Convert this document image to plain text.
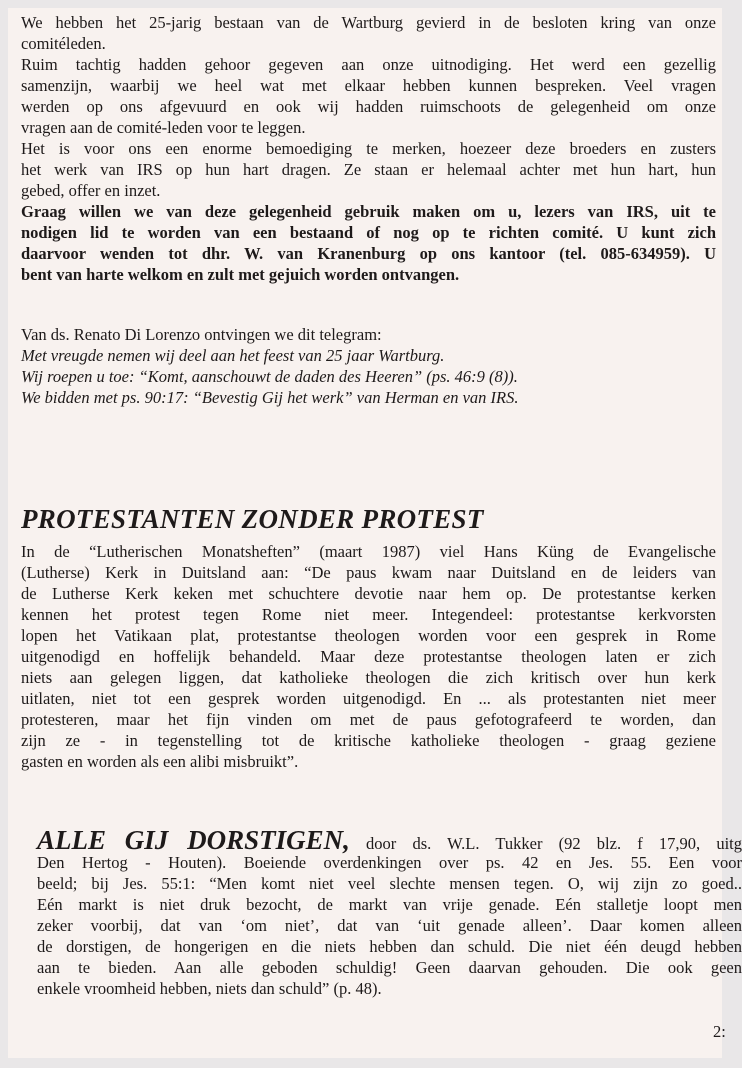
We hebben het 25-jarig bestaan van de Wartburg gevierd in de besloten kring van onze
comitéleden.
Ruim tachtig hadden gehoor gegeven aan onze uitnodiging. Het werd een gezellig
samenzijn, waarbij we heel wat met elkaar hebben kunnen bespreken. Veel vragen
werden op ons afgevuurd en ook wij hadden ruimschoots de gelegenheid om onze
vragen aan de comité-leden voor te leggen.
Het is voor ons een enorme bemoediging te merken, hoezeer deze broeders en zusters
het werk van IRS op hun hart dragen. Ze staan er helemaal achter met hun hart, hun
gebed, offer en inzet.
Graag willen we van deze gelegenheid gebruik maken om u, lezers van IRS, uit te
nodigen lid te worden van een bestaand of nog op te richten comité. U kunt zich
daarvoor wenden tot dhr. W. van Kranenburg op ons kantoor (tel. 085-634959). U
bent van harte welkom en zult met gejuich worden ontvangen.
Van ds. Renato Di Lorenzo ontvingen we dit telegram:
Met vreugde nemen wij deel aan het feest van 25 jaar Wartburg.
Wij roepen u toe: “Komt, aanschouwt de daden des Heeren” (ps. 46:9 (8)).
We bidden met ps. 90:17: “Bevestig Gij het werk” van Herman en van IRS.
PROTESTANTEN ZONDER PROTEST
In de “Lutherischen Monatsheften” (maart 1987) viel Hans Küng de Evangelische
(Lutherse) Kerk in Duitsland aan: “De paus kwam naar Duitsland en de leiders van
de Lutherse Kerk keken met schuchtere devotie naar hem op. De protestantse kerken
kennen het protest tegen Rome niet meer. Integendeel: protestantse kerkvorsten
lopen het Vatikaan plat, protestantse theologen worden voor een gesprek in Rome
uitgenodigd en hoffelijk behandeld. Maar deze protestantse theologen laten er zich
niets aan gelegen liggen, dat katholieke theologen die zich kritisch over hun kerk
uitlaten, niet tot een gesprek worden uitgenodigd. En ... als protestanten niet meer
protesteren, maar het fijn vinden om met de paus gefotografeerd te worden, dan
zijn ze - in tegenstelling tot de kritische katholieke theologen - graag geziene
gasten en worden als een alibi misbruikt”.
ALLE GIJ DORSTIGEN, door ds. W.L. Tukker (92 blz. f 17,90, uitg
Den Hertog - Houten). Boeiende overdenkingen over ps. 42 en Jes. 55. Een voor
beeld; bij Jes. 55:1: “Men komt niet veel slechte mensen tegen. O, wij zijn zo goed..
Eén markt is niet druk bezocht, de markt van vrije genade. Eén stalletje loopt men
zeker voorbij, dat van ‘om niet’, dat van ‘uit genade alleen’. Daar komen alleen
de dorstigen, de hongerigen en die niets hebben dan schuld. Die niet één deugd hebben
aan te bieden. Aan alle geboden schuldig! Geen daarvan gehouden. Die ook geen
enkele vroomheid hebben, niets dan schuld” (p. 48).
2:
